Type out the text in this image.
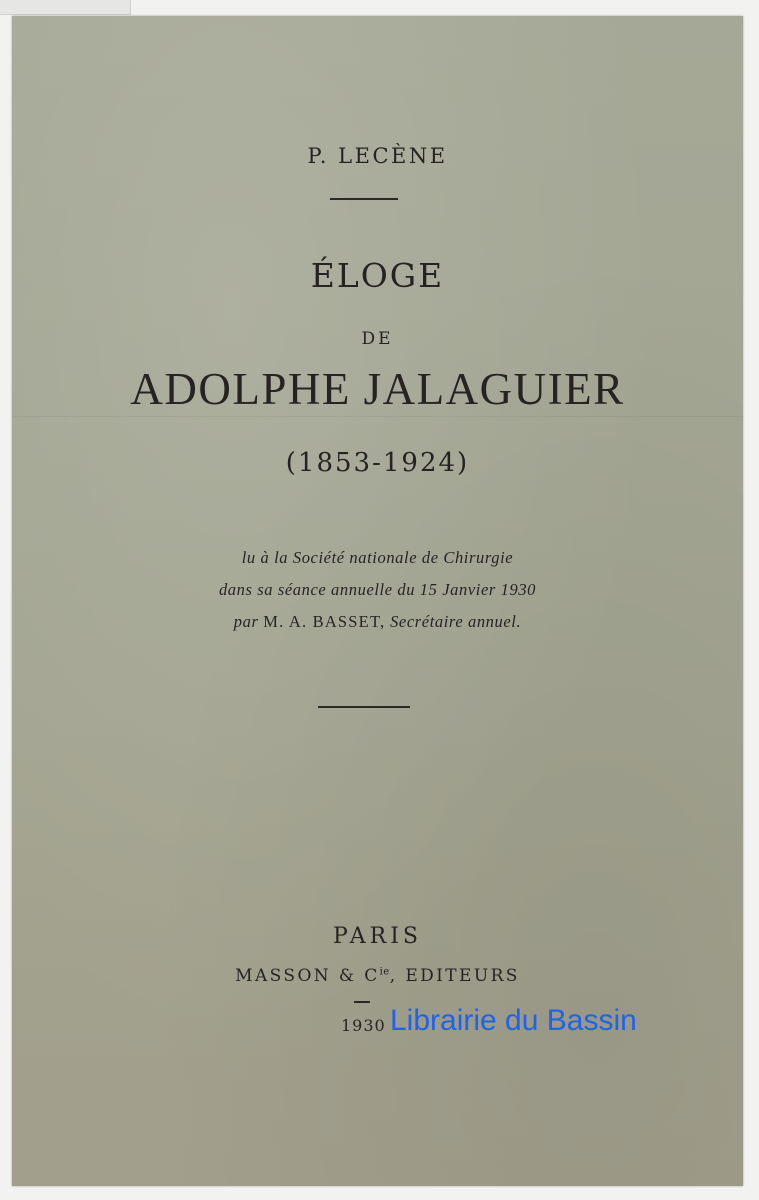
P. LECÈNE
ÉLOGE
DE
ADOLPHE JALAGUIER
(1853-1924)
lu à la Société nationale de Chirurgie
dans sa séance annuelle du 15 Janvier 1930
par M. A. BASSET, Secrétaire annuel.
PARIS
MASSON & $C^{ie}$, EDITEURS
1930 Librairie du Bassin
